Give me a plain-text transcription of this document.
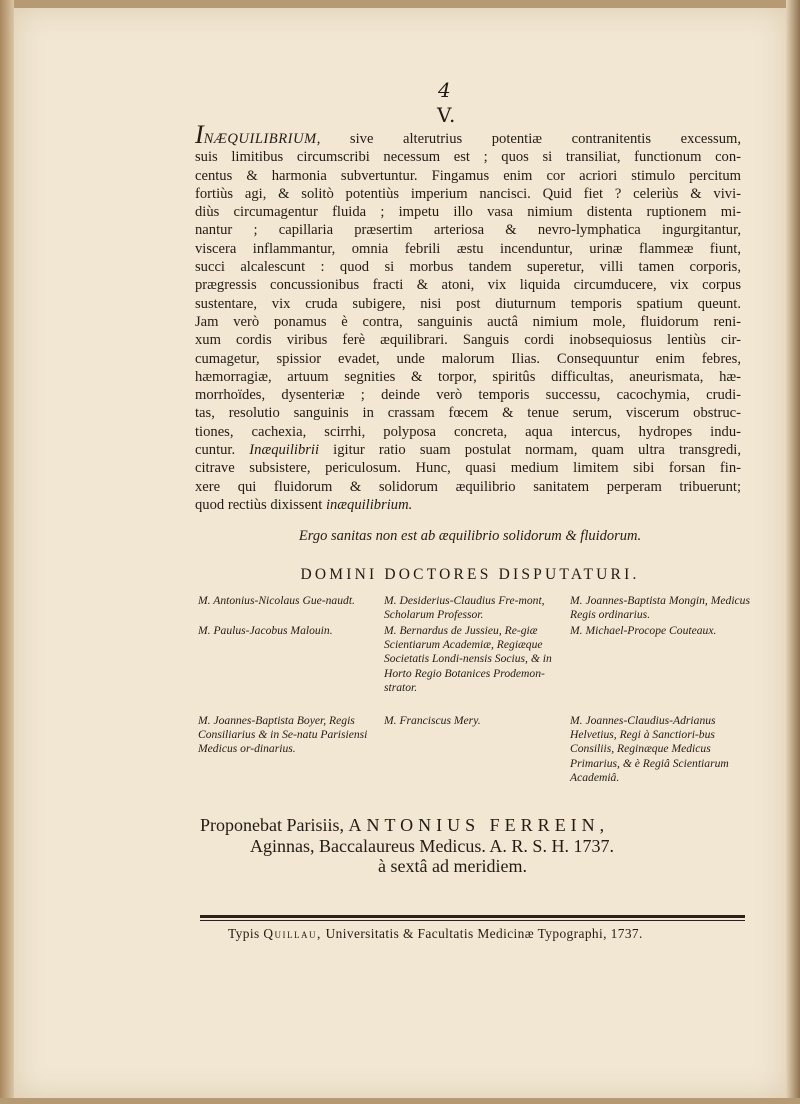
4
V.
INÆQUILIBRIUM, sive alterutrius potentiæ contranitentis excessum,
suis limitibus circumscribi necessum est ; quos si transiliat, functionum con-
centus & harmonia subvertuntur. Fingamus enim cor acriori stimulo percitum
fortiùs agi, & solitò potentiùs imperium nancisci. Quid fiet ? celeriùs & vivi-
diùs circumagentur fluida ; impetu illo vasa nimium distenta ruptionem mi-
nantur ; capillaria præsertim arteriosa & nevro-lymphatica ingurgitantur,
viscera inflammantur, omnia febrili æstu incenduntur, urinæ flammeæ fiunt,
succi alcalescunt : quod si morbus tandem superetur, villi tamen corporis,
prægressis concussionibus fracti & atoni, vix liquida circumducere, vix corpus
sustentare, vix cruda subigere, nisi post diuturnum temporis spatium queunt.
Jam verò ponamus è contra, sanguinis auctâ nimium mole, fluidorum reni-
xum cordis viribus ferè æquilibrari. Sanguis cordi inobsequiosus lentiùs cir-
cumagetur, spissior evadet, unde malorum Ilias. Consequuntur enim febres,
hæmorragiæ, artuum segnities & torpor, spiritûs difficultas, aneurismata, hæ-
morrhoïdes, dysenteriæ ; deinde verò temporis successu, cacochymia, crudi-
tas, resolutio sanguinis in crassam fœcem & tenue serum, viscerum obstruc-
tiones, cachexia, scirrhi, polyposa concreta, aqua intercus, hydropes indu-
cuntur. Inæquilibrii igitur ratio suam postulat normam, quam ultra transgredi,
citrave subsistere, periculosum. Hunc, quasi medium limitem sibi forsan fin-
xere qui fluidorum & solidorum æquilibrio sanitatem perperam tribuerunt;
quod rectiùs dixissent inæquilibrium.
Ergo sanitas non est ab æquilibrio solidorum & fluidorum.
DOMINI DOCTORES DISPUTATURI.
M. Antonius-Nicolaus Gue-naudt.
M. Paulus-Jacobus Malouin.
M. Joannes-Baptista Boyer, Regis Consiliarius & in Se-natu Parisiensi Medicus or-dinarius.
M. Desiderius-Claudius Fre-mont, Scholarum Professor.
M. Bernardus de Jussieu, Re-giæ Scientiarum Academiæ, Regiæque Societatis Londi-nensis Socius, & in Horto Regio Botanices Prodemon-strator.
M. Franciscus Mery.
M. Joannes-Baptista Mongin, Medicus Regis ordinarius.
M. Michael-Procope Couteaux.
M. Joannes-Claudius-Adrianus Helvetius, Regi à Sanctiori-bus Consiliis, Reginæque Medicus Primarius, & è Regiâ Scientiarum Academiâ.
Proponebat Parisiis, ANTONIUS FERREIN,
Aginnas, Baccalaureus Medicus. A. R. S. H. 1737.
à sextâ ad meridiem.
Typis Quillau, Universitatis & Facultatis Medicinæ Typographi, 1737.
